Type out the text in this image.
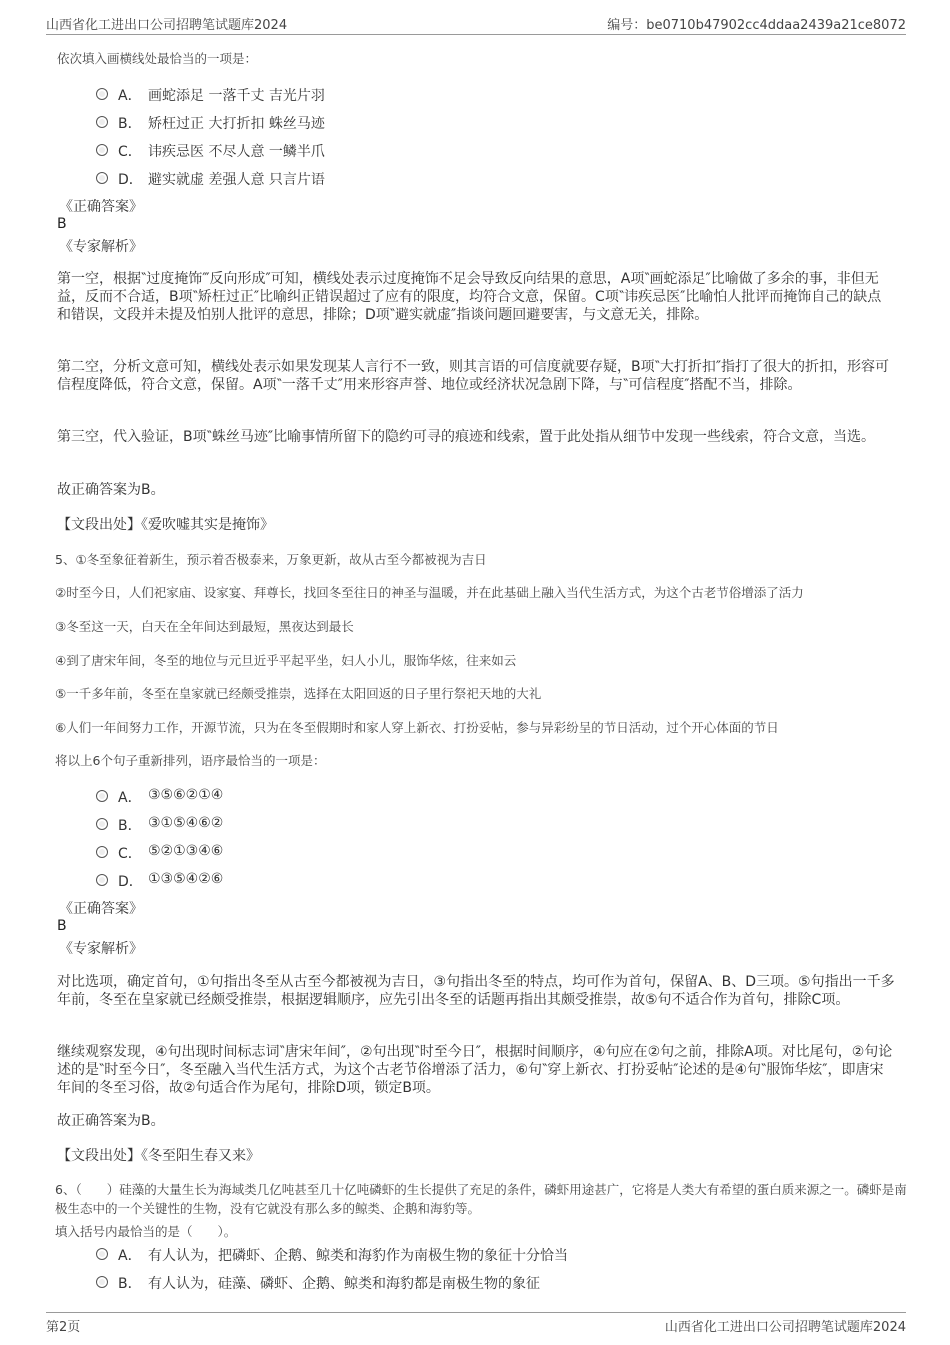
山西省化工进出口公司招聘笔试题库2024	编号：be0710b47902cc4ddaa2439a21ce8072
依次填入画横线处最恰当的一项是：
A． 画蛇添足 一落千丈 吉光片羽
B． 矫枉过正 大打折扣 蛛丝马迹
C． 讳疾忌医 不尽人意 一鳞半爪
D． 避实就虚 差强人意 只言片语
《正确答案》
B
《专家解析》
第一空，根据‶过度掩饰‴反向形成″可知，横线处表示过度掩饰不足会导致反向结果的意思，A项‶画蛇添足″比喻做了多余的事，非但无益，反而不合适，B项‶矫枉过正″比喻纠正错误超过了应有的限度，均符合文意，保留。C项‶讳疾忌医″比喻怕人批评而掩饰自己的缺点和错误，文段并未提及怕别人批评的意思，排除；D项‶避实就虚″指谈问题回避要害，与文意无关，排除。
第二空，分析文意可知，横线处表示如果发现某人言行不一致，则其言语的可信度就要存疑，B项‶大打折扣″指打了很大的折扣，形容可信程度降低，符合文意，保留。A项‶一落千丈″用来形容声誉、地位或经济状况急剧下降，与‶可信程度″搭配不当，排除。
第三空，代入验证，B项‶蛛丝马迹″比喻事情所留下的隐约可寻的痕迹和线索，置于此处指从细节中发现一些线索，符合文意，当选。
故正确答案为B。
【文段出处】《爱吹嘘其实是掩饰》
5、①冬至象征着新生，预示着否极泰来，万象更新，故从古至今都被视为吉日
②时至今日，人们祀家庙、设家宴、拜尊长，找回冬至往日的神圣与温暖，并在此基础上融入当代生活方式，为这个古老节俗增添了活力
③冬至这一天，白天在全年间达到最短，黑夜达到最长
④到了唐宋年间，冬至的地位与元旦近乎平起平坐，妇人小儿，服饰华炫，往来如云
⑤一千多年前，冬至在皇家就已经颇受推崇，选择在太阳回返的日子里行祭祀天地的大礼
⑥人们一年间努力工作，开源节流，只为在冬至假期时和家人穿上新衣、打扮妥帖，参与异彩纷呈的节日活动，过个开心体面的节日
将以上6个句子重新排列，语序最恰当的一项是：
A． ③⑤⑥②①④
B． ③①⑤④⑥②
C． ⑤②①③④⑥
D． ①③⑤④②⑥
《正确答案》
B
《专家解析》
对比选项，确定首句，①句指出冬至从古至今都被视为吉日，③句指出冬至的特点，均可作为首句，保留A、B、D三项。⑤句指出一千多年前，冬至在皇家就已经颇受推崇，根据逻辑顺序，应先引出冬至的话题再指出其颇受推崇，故⑤句不适合作为首句，排除C项。
继续观察发现，④句出现时间标志词‶唐宋年间″，②句出现‶时至今日″，根据时间顺序，④句应在②句之前，排除A项。对比尾句，②句论述的是‶时至今日″，冬至融入当代生活方式，为这个古老节俗增添了活力，⑥句‶穿上新衣、打扮妥帖″论述的是④句‶服饰华炫″，即唐宋年间的冬至习俗，故②句适合作为尾句，排除D项，锁定B项。
故正确答案为B。
【文段出处】《冬至阳生春又来》
6、（　　）硅藻的大量生长为海域类几亿吨甚至几十亿吨磷虾的生长提供了充足的条件，磷虾用途甚广，它将是人类大有希望的蛋白质来源之一。磷虾是南极生态中的一个关键性的生物，没有它就没有那么多的鲸类、企鹅和海豹等。
填入括号内最恰当的是（　　）。
A． 有人认为，把磷虾、企鹅、鲸类和海豹作为南极生物的象征十分恰当
B． 有人认为，硅藻、磷虾、企鹅、鲸类和海豹都是南极生物的象征
第2页	山西省化工进出口公司招聘笔试题库2024
